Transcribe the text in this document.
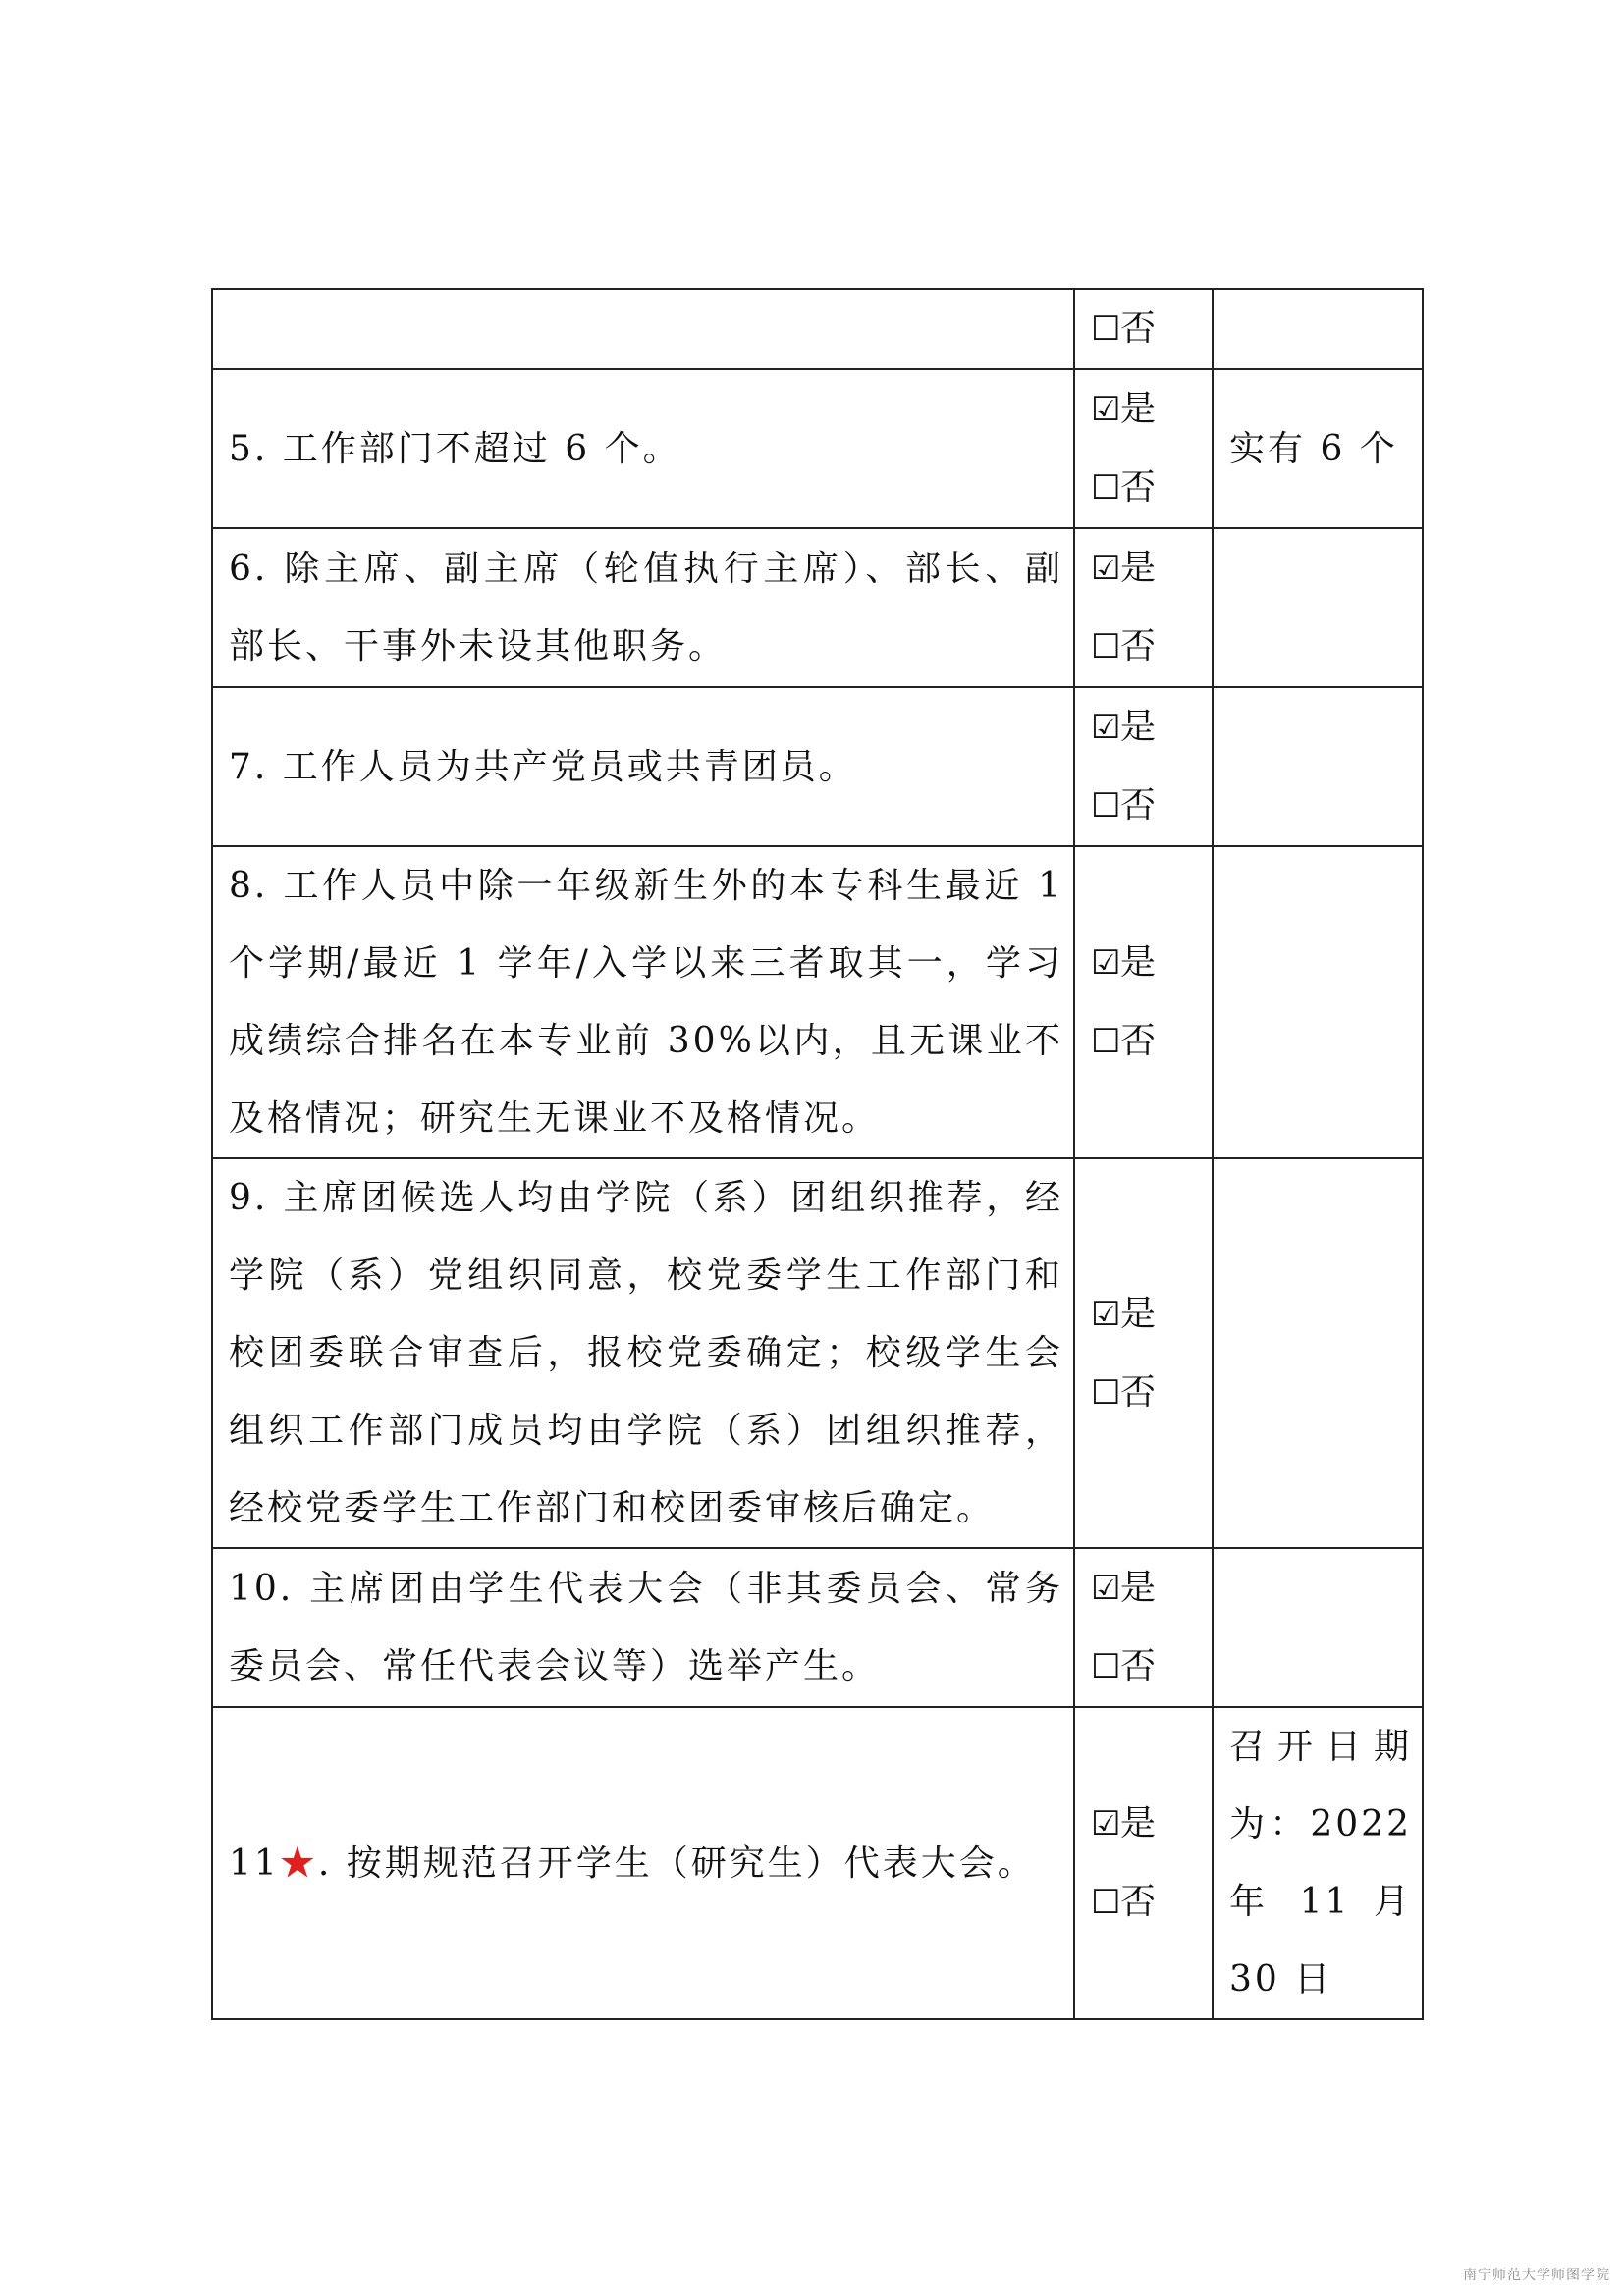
	☐否	

5. 工作部门不超过 6 个。	☑是
☐否	实有 6 个
6. 除主席、副主席（轮值执行主席）、部长、副部长、干事外未设其他职务。	☑是
☐否	

7. 工作人员为共产党员或共青团员。	☑是
☐否	

8. 工作人员中除一年级新生外的本专科生最近 1 个学期/最近 1 学年/入学以来三者取其一，学习成绩综合排名在本专业前 30%以内，且无课业不及格情况；研究生无课业不及格情况。	☑是
☐否	

9. 主席团候选人均由学院（系）团组织推荐，经学院（系）党组织同意，校党委学生工作部门和校团委联合审查后，报校党委确定；校级学生会组织工作部门成员均由学院（系）团组织推荐，经校党委学生工作部门和校团委审核后确定。	☑是
☐否	

10. 主席团由学生代表大会（非其委员会、常务委员会、常任代表会议等）选举产生。	☑是
☐否	

11★. 按期规范召开学生（研究生）代表大会。	☑是
☐否	召开日期为：2022 年 11 月 30 日
南宁师范大学师图学院
